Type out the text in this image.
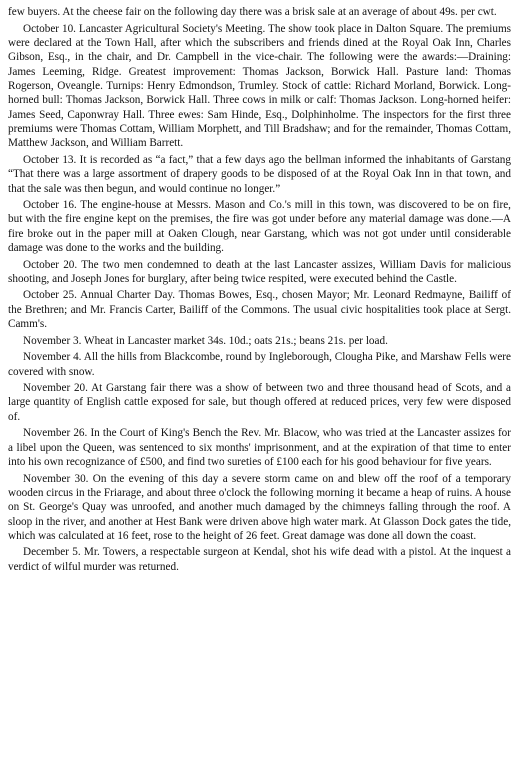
few buyers. At the cheese fair on the following day there was a brisk sale at an average of about 49s. per cwt.

October 10. Lancaster Agricultural Society's Meeting. The show took place in Dalton Square. The premiums were declared at the Town Hall, after which the subscribers and friends dined at the Royal Oak Inn, Charles Gibson, Esq., in the chair, and Dr. Campbell in the vice-chair. The following were the awards:—Draining: James Leeming, Ridge. Greatest improvement: Thomas Jackson, Borwick Hall. Pasture land: Thomas Rogerson, Oveangle. Turnips: Henry Edmondson, Trumley. Stock of cattle: Richard Morland, Borwick. Long-horned bull: Thomas Jackson, Borwick Hall. Three cows in milk or calf: Thomas Jackson. Long-horned heifer: James Seed, Caponwray Hall. Three ewes: Sam Hinde, Esq., Dolphinholme. The inspectors for the first three premiums were Thomas Cottam, William Morphett, and Till Bradshaw; and for the remainder, Thomas Cottam, Matthew Jackson, and William Barrett.

October 13. It is recorded as “a fact,” that a few days ago the bellman informed the inhabitants of Garstang “That there was a large assortment of drapery goods to be disposed of at the Royal Oak Inn in that town, and that the sale was then begun, and would continue no longer.”

October 16. The engine-house at Messrs. Mason and Co.'s mill in this town, was discovered to be on fire, but with the fire engine kept on the premises, the fire was got under before any material damage was done.—A fire broke out in the paper mill at Oaken Clough, near Garstang, which was not got under until considerable damage was done to the works and the building.

October 20. The two men condemned to death at the last Lancaster assizes, William Davis for malicious shooting, and Joseph Jones for burglary, after being twice respited, were executed behind the Castle.

October 25. Annual Charter Day. Thomas Bowes, Esq., chosen Mayor; Mr. Leonard Redmayne, Bailiff of the Brethren; and Mr. Francis Carter, Bailiff of the Commons. The usual civic hospitalities took place at Sergt. Camm's.

November 3. Wheat in Lancaster market 34s. 10d.; oats 21s.; beans 21s. per load.

November 4. All the hills from Blackcombe, round by Ingleborough, Clougha Pike, and Marshaw Fells were covered with snow.

November 20. At Garstang fair there was a show of between two and three thousand head of Scots, and a large quantity of English cattle exposed for sale, but though offered at reduced prices, very few were disposed of.

November 26. In the Court of King's Bench the Rev. Mr. Blacow, who was tried at the Lancaster assizes for a libel upon the Queen, was sentenced to six months' imprisonment, and at the expiration of that time to enter into his own recognizance of £500, and find two sureties of £100 each for his good behaviour for five years.

November 30. On the evening of this day a severe storm came on and blew off the roof of a temporary wooden circus in the Friarage, and about three o'clock the following morning it became a heap of ruins. A house on St. George's Quay was unroofed, and another much damaged by the chimneys falling through the roof. A sloop in the river, and another at Hest Bank were driven above high water mark. At Glasson Dock gates the tide, which was calculated at 16 feet, rose to the height of 26 feet. Great damage was done all down the coast.

December 5. Mr. Towers, a respectable surgeon at Kendal, shot his wife dead with a pistol. At the inquest a verdict of wilful murder was returned.
